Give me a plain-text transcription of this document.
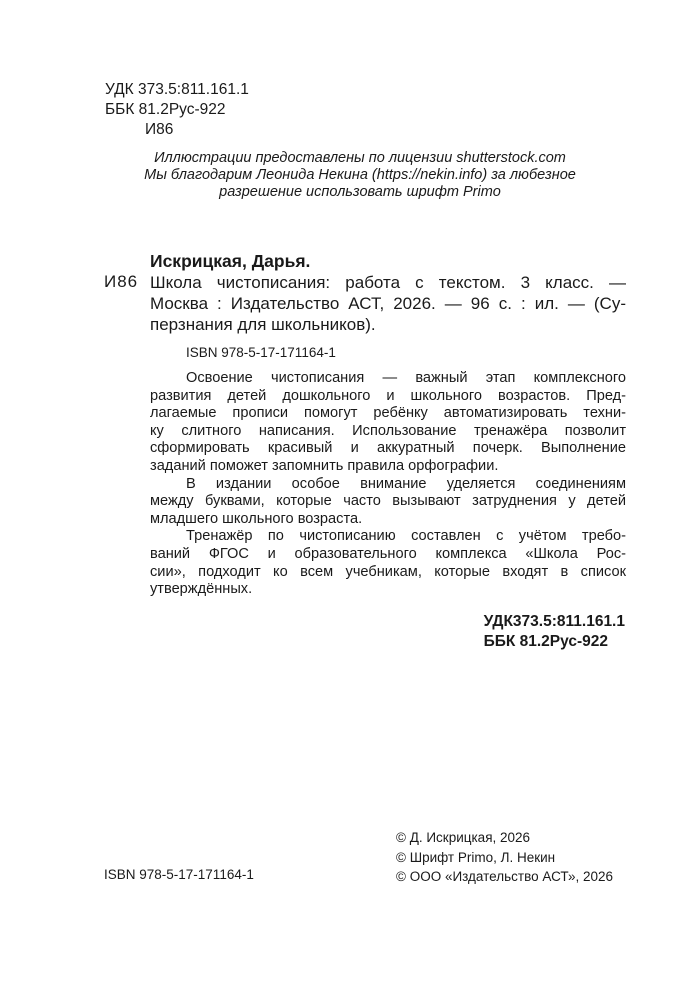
УДК 373.5:811.161.1
ББК 81.2Рус-922
И86
Иллюстрации предоставлены по лицензии shutterstock.com
Мы благодарим Леонида Некина (https://nekin.info) за любезное
разрешение использовать шрифт Primo
Искрицкая, Дарья.
И86 Школа чистописания: работа с текстом. 3 класс. —
Москва : Издательство АСТ, 2026. — 96 с. : ил. — (Су-
перзнания для школьников).
ISBN 978-5-17-171164-1
Освоение чистописания — важный этап комплексного
развития детей дошкольного и школьного возрастов. Пред-
лагаемые прописи помогут ребёнку автоматизировать техни-
ку слитного написания. Использование тренажёра позволит
сформировать красивый и аккуратный почерк. Выполнение
заданий поможет запомнить правила орфографии.
В издании особое внимание уделяется соединениям
между буквами, которые часто вызывают затруднения у детей
младшего школьного возраста.
Тренажёр по чистописанию составлен с учётом требо-
ваний ФГОС и образовательного комплекса «Школа Рос-
сии», подходит ко всем учебникам, которые входят в список
утверждённых.
УДК373.5:811.161.1
ББК 81.2Рус-922
© Д. Искрицкая, 2026
© Шрифт Primo, Л. Некин
© ООО «Издательство АСТ», 2026
ISBN 978-5-17-171164-1
